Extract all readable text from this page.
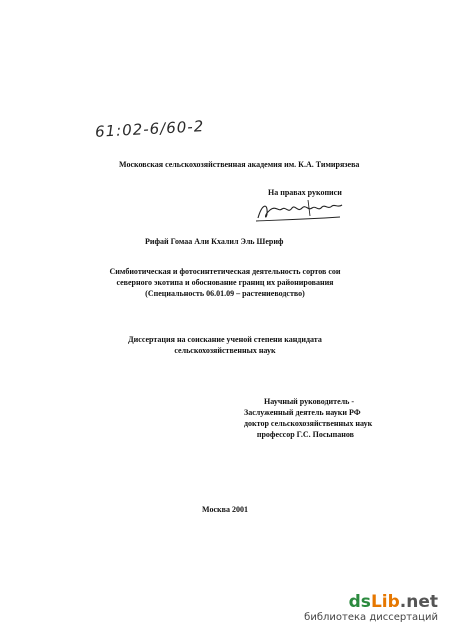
61:02-6/60-2
Московская сельскохозяйственная академия им. К.А. Тимирязева
На правах рукописи
Рифай Гомаа Али Кхалил Эль Шериф
Симбиотическая и фотосинтетическая деятельность сортов сои
северного экотипа и обоснование границ их районирования
(Специальность 06.01.09 – растениеводство)
Диссертация на соискание ученой степени кандидата
сельскохозяйственных наук
Научный руководитель -
Заслуженный деятель науки РФ
доктор сельскохозяйственных наук
профессор Г.С. Посыпанов
Москва 2001
dsLib.net
библиотека диссертаций
